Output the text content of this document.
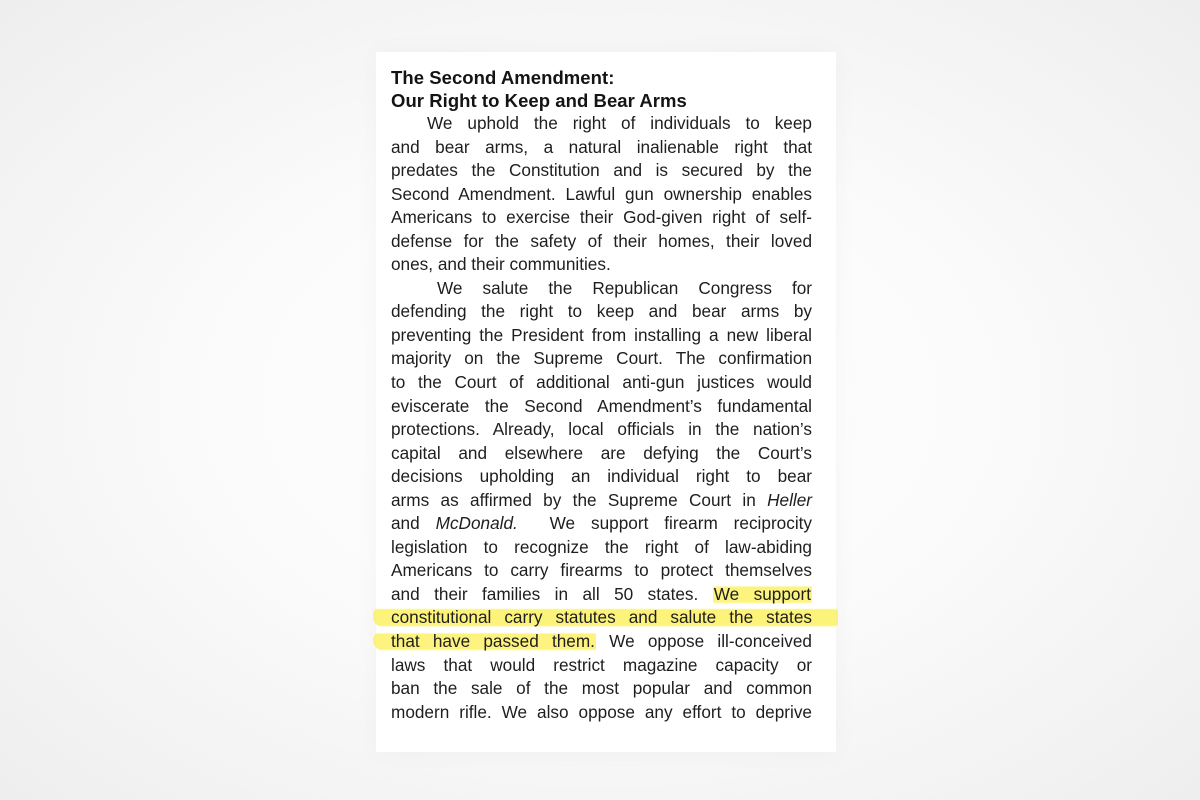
The Second Amendment:
Our Right to Keep and Bear Arms
We uphold the right of individuals to keep
and bear arms, a natural inalienable right that
predates the Constitution and is secured by the
Second Amendment. Lawful gun ownership enables
Americans to exercise their God-given right of self-
defense for the safety of their homes, their loved
ones, and their communities.
We salute the Republican Congress for
defending the right to keep and bear arms by
preventing the President from installing a new liberal
majority on the Supreme Court. The confirmation
to the Court of additional anti-gun justices would
eviscerate the Second Amendment’s fundamental
protections. Already, local officials in the nation’s
capital and elsewhere are defying the Court’s
decisions upholding an individual right to bear
arms as affirmed by the Supreme Court in Heller
and McDonald. We support firearm reciprocity
legislation to recognize the right of law-abiding
Americans to carry firearms to protect themselves
and their families in all 50 states. We support
constitutional carry statutes and salute the states
that have passed them. We oppose ill-conceived
laws that would restrict magazine capacity or
ban the sale of the most popular and common
modern rifle. We also oppose any effort to deprive
